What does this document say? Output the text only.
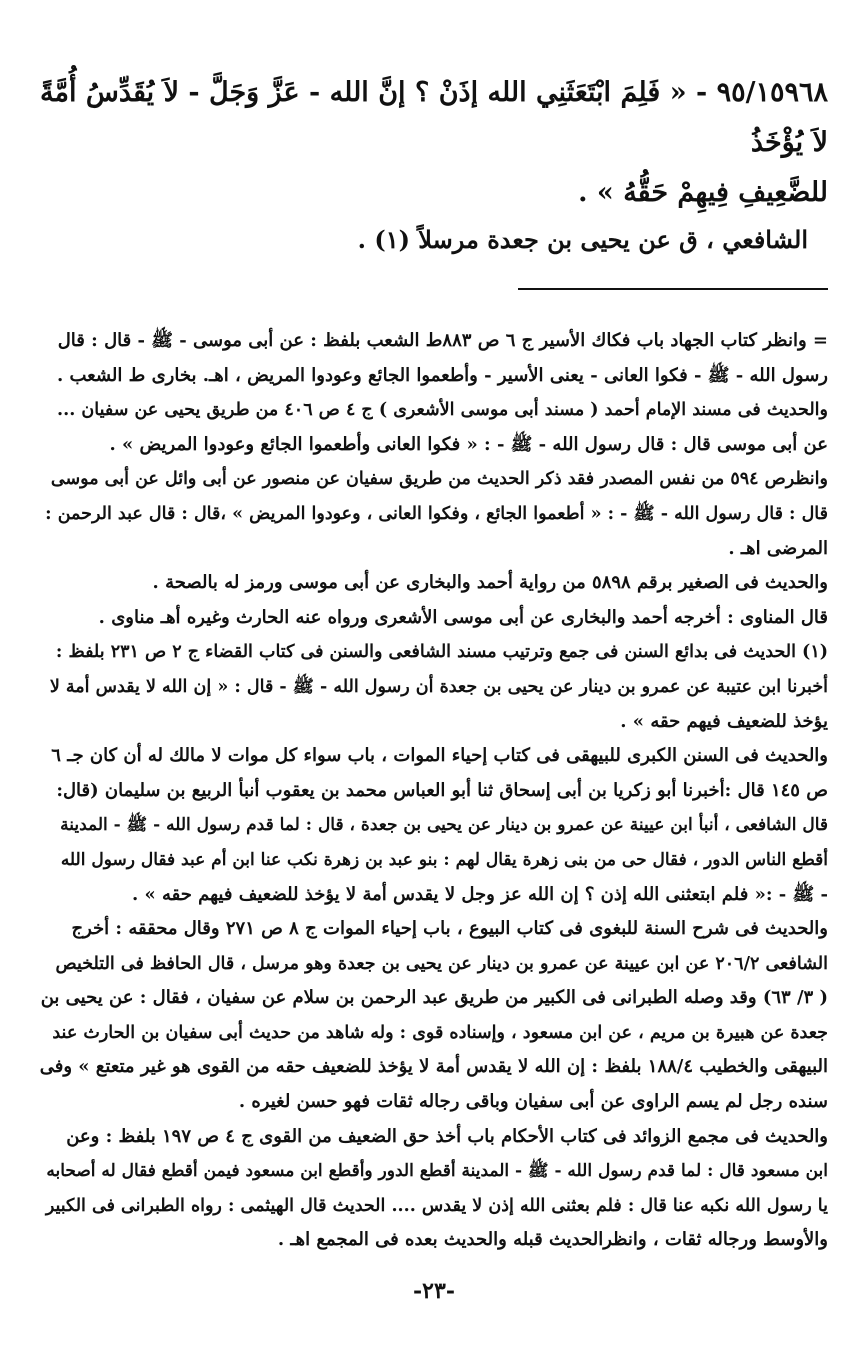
٩٥/١٥٩٦٨ - « فَلِمَ ابْتَعَثَنِي الله إذَنْ ؟ إنَّ الله - عَزَّ وَجَلَّ - لاَ يُقَدِّسُ أُمَّةً لاَ يُؤْخَذُ
للضَّعِيفِ فِيهِمْ حَقُّهُ » .

الشافعي ، ق عن يحيى بن جعدة مرسلاً (١) .

= وانظر كتاب الجهاد باب فكاك الأسير ج ٦ ص ٨٨٣ط الشعب بلفظ : عن أبى موسى - ﷺ - قال : قال
رسول الله - ﷺ - فكوا العانى - يعنى الأسير - وأطعموا الجائع وعودوا المريض ، اهـ. بخارى ط الشعب .
والحديث فى مسند الإمام أحمد ( مسند أبى موسى الأشعرى ) ج ٤ ص ٤٠٦ من طريق يحيى عن سفيان ...
عن أبى موسى قال : قال رسول الله - ﷺ - : « فكوا العانى وأطعموا الجائع وعودوا المريض » .
وانظرص ٥٩٤ من نفس المصدر فقد ذكر الحديث من طريق سفيان عن منصور عن أبى وائل عن أبى موسى
قال : قال رسول الله - ﷺ - : « أطعموا الجائع ، وفكوا العانى ، وعودوا المريض » ،قال : قال عبد الرحمن :
المرضى اهـ .
والحديث فى الصغير برقم ٥٨٩٨ من رواية أحمد والبخارى عن أبى موسى ورمز له بالصحة .
قال المناوى : أخرجه أحمد والبخارى عن أبى موسى الأشعرى ورواه عنه الحارث وغيره أهـ مناوى .
(١) الحديث فى بدائع السنن فى جمع وترتيب مسند الشافعى والسنن فى كتاب القضاء ج ٢ ص ٢٣١ بلفظ :
أخبرنا ابن عتيبة عن عمرو بن دينار عن يحيى بن جعدة أن رسول الله - ﷺ - قال : « إن الله لا يقدس أمة لا
يؤخذ للضعيف فيهم حقه » .
والحديث فى السنن الكبرى للبيهقى فى كتاب إحياء الموات ، باب سواء كل موات لا مالك له أن كان جـ ٦
ص ١٤٥ قال :أخبرنا أبو زكريا بن أبى إسحاق ثنا أبو العباس محمد بن يعقوب أنبأ الربيع بن سليمان (قال:
قال الشافعى ، أنبأ ابن عيينة عن عمرو بن دينار عن يحيى بن جعدة ، قال : لما قدم رسول الله - ﷺ - المدينة
أقطع الناس الدور ، فقال حى من بنى زهرة يقال لهم : بنو عبد بن زهرة نكب عنا ابن أم عبد فقال رسول الله
- ﷺ - :« فلم ابتعثنى الله إذن ؟ إن الله عز وجل لا يقدس أمة لا يؤخذ للضعيف فيهم حقه » .
والحديث فى شرح السنة للبغوى فى كتاب البيوع ، باب إحياء الموات ج ٨ ص ٢٧١ وقال محققه : أخرج
الشافعى ٢٠٦/٢ عن ابن عيينة عن عمرو بن دينار عن يحيى بن جعدة وهو مرسل ، قال الحافظ فى التلخيص
( ٣/ ٦٣) وقد وصله الطبرانى فى الكبير من طريق عبد الرحمن بن سلام عن سفيان ، فقال : عن يحيى بن
جعدة عن هبيرة بن مريم ، عن ابن مسعود ، وإسناده قوى : وله شاهد من حديث أبى سفيان بن الحارث عند
البيهقى والخطيب ١٨٨/٤ بلفظ : إن الله لا يقدس أمة لا يؤخذ للضعيف حقه من القوى هو غير متعتع » وفى
سنده رجل لم يسم الراوى عن أبى سفيان وباقى رجاله ثقات فهو حسن لغيره .
والحديث فى مجمع الزوائد فى كتاب الأحكام باب أخذ حق الضعيف من القوى ج ٤ ص ١٩٧ بلفظ : وعن
ابن مسعود قال : لما قدم رسول الله - ﷺ - المدينة أقطع الدور وأقطع ابن مسعود فيمن أقطع فقال له أصحابه
يا رسول الله نكبه عنا قال : فلم بعثنى الله إذن لا يقدس .... الحديث قال الهيثمى : رواه الطبرانى فى الكبير
والأوسط ورجاله ثقات ، وانظرالحديث قبله والحديث بعده فى المجمع اهـ .
-٢٣-
